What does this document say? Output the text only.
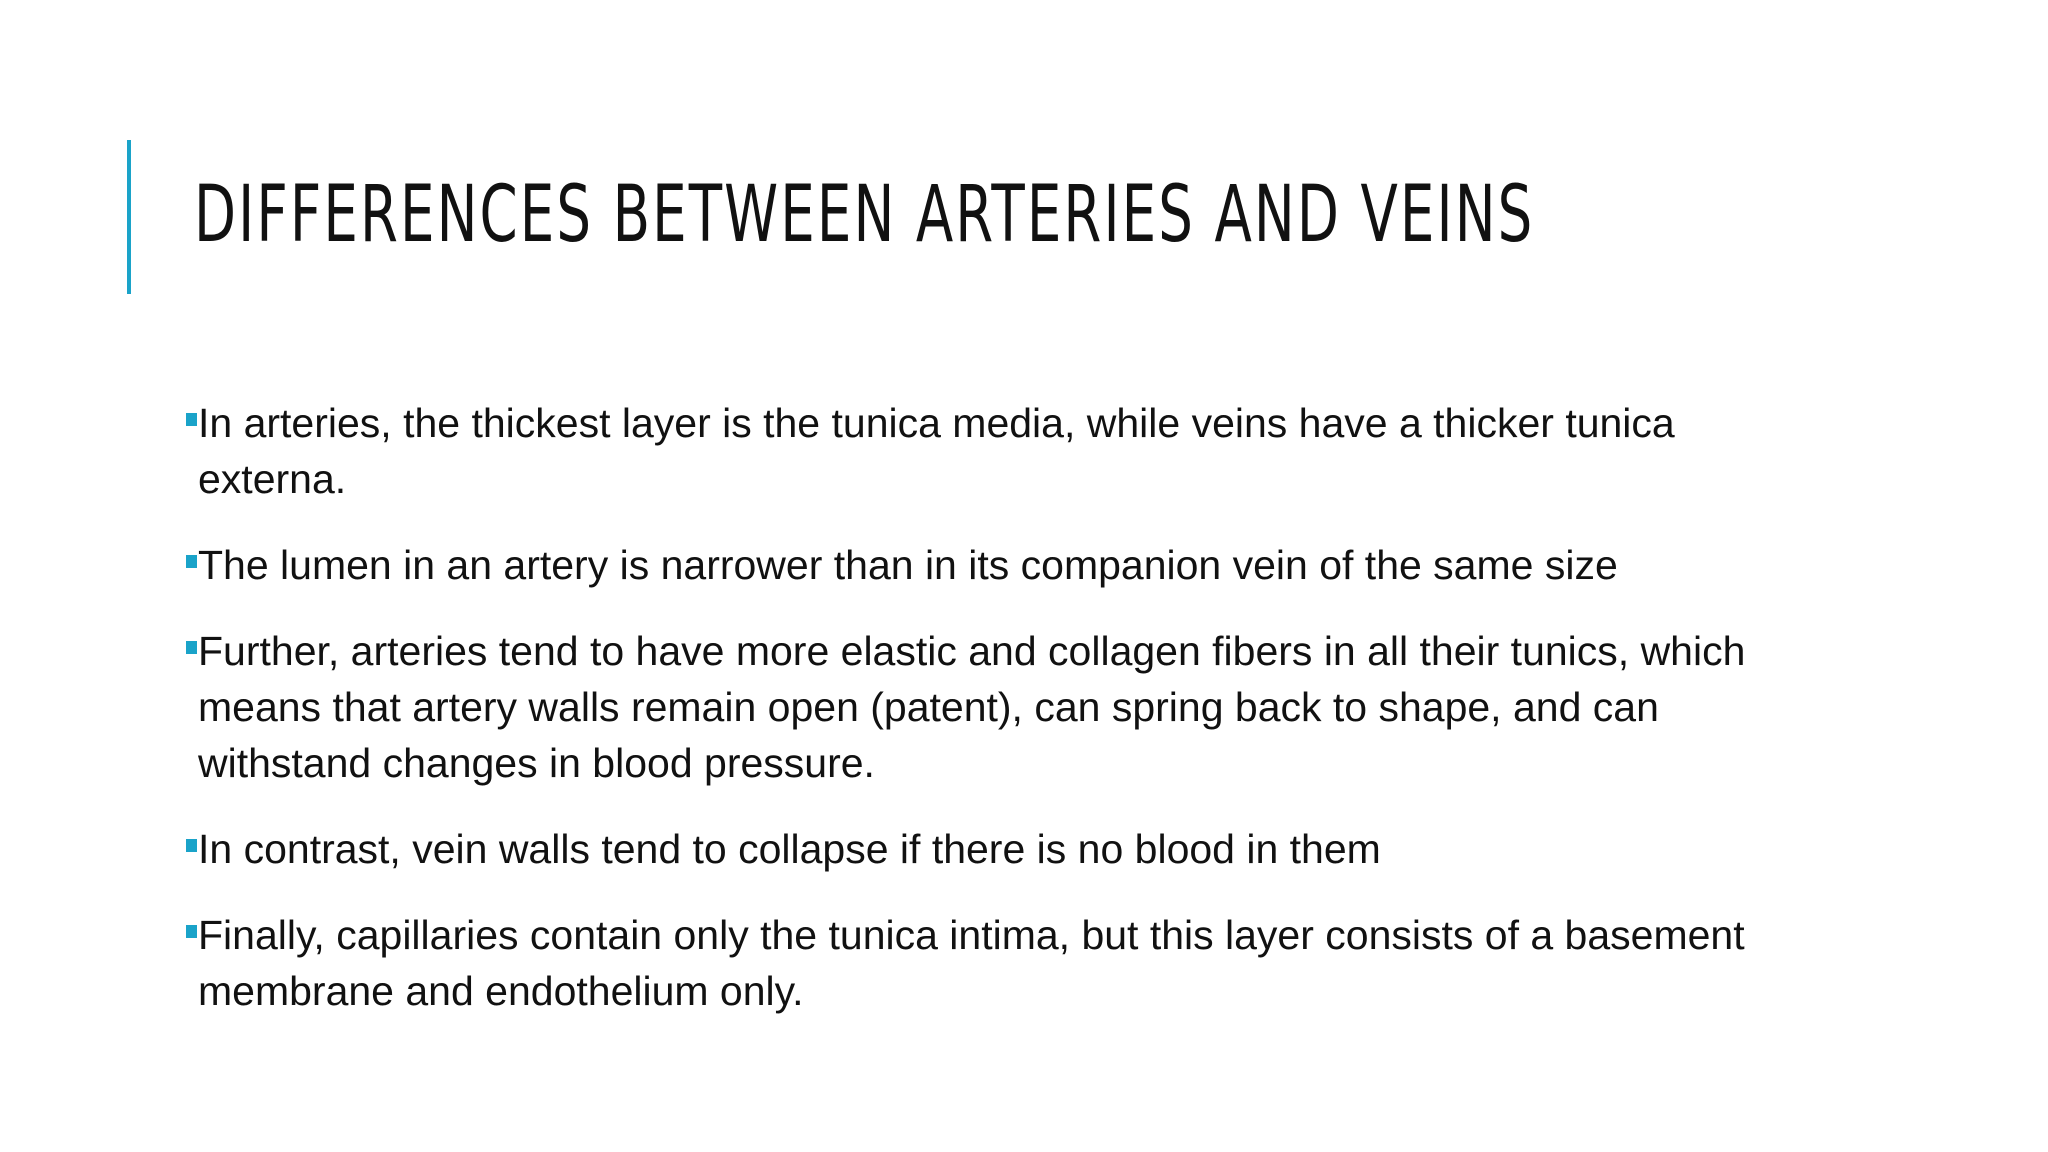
DIFFERENCES BETWEEN ARTERIES AND VEINS
In arteries, the thickest layer is the tunica media, while veins have a thicker tunica externa.
The lumen in an artery is narrower than in its companion vein of the same size
Further, arteries tend to have more elastic and collagen fibers in all their tunics, which means that artery walls remain open (patent), can spring back to shape, and can withstand changes in blood pressure.
In contrast, vein walls tend to collapse if there is no blood in them
Finally, capillaries contain only the tunica intima, but this layer consists of a basement membrane and endothelium only.
